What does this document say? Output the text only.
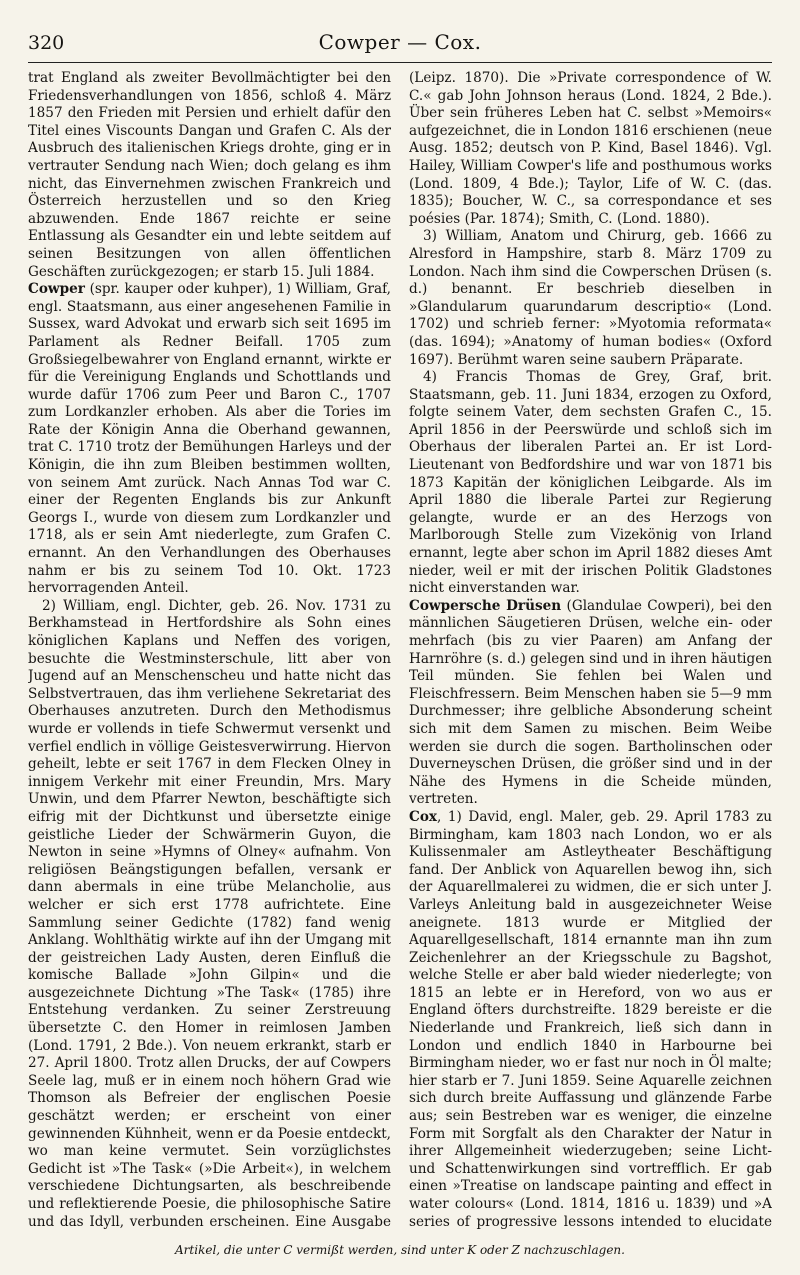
320	Cowper — Cox.

trat England als zweiter Bevollmächtigter bei den Friedensverhandlungen von 1856, schloß 4. März 1857 den Frieden mit Persien und erhielt dafür den Titel eines Viscounts Dangan und Grafen C. Als der Ausbruch des italienischen Kriegs drohte, ging er in vertrauter Sendung nach Wien; doch gelang es ihm nicht, das Einvernehmen zwischen Frankreich und Österreich herzustellen und so den Krieg abzuwenden. Ende 1867 reichte er seine Entlassung als Gesandter ein und lebte seitdem auf seinen Besitzungen von allen öffentlichen Geschäften zurückgezogen; er starb 15. Juli 1884.

Cowper (spr. kauper oder kuhper), 1) William, Graf, engl. Staatsmann, aus einer angesehenen Familie in Sussex, ward Advokat und erwarb sich seit 1695 im Parlament als Redner Beifall. 1705 zum Großsiegelbewahrer von England ernannt, wirkte er für die Vereinigung Englands und Schottlands und wurde dafür 1706 zum Peer und Baron C., 1707 zum Lordkanzler erhoben. Als aber die Tories im Rate der Königin Anna die Oberhand gewannen, trat C. 1710 trotz der Bemühungen Harleys und der Königin, die ihn zum Bleiben bestimmen wollten, von seinem Amt zurück. Nach Annas Tod war C. einer der Regenten Englands bis zur Ankunft Georgs I., wurde von diesem zum Lordkanzler und 1718, als er sein Amt niederlegte, zum Grafen C. ernannt. An den Verhandlungen des Oberhauses nahm er bis zu seinem Tod 10. Okt. 1723 hervorragenden Anteil.

2) William, engl. Dichter, geb. 26. Nov. 1731 zu Berkhamstead in Hertfordshire als Sohn eines königlichen Kaplans und Neffen des vorigen, besuchte die Westminsterschule, litt aber von Jugend auf an Menschenscheu und hatte nicht das Selbstvertrauen, das ihm verliehene Sekretariat des Oberhauses anzutreten. Durch den Methodismus wurde er vollends in tiefe Schwermut versenkt und verfiel endlich in völlige Geistesverwirrung. Hiervon geheilt, lebte er seit 1767 in dem Flecken Olney in innigem Verkehr mit einer Freundin, Mrs. Mary Unwin, und dem Pfarrer Newton, beschäftigte sich eifrig mit der Dichtkunst und übersetzte einige geistliche Lieder der Schwärmerin Guyon, die Newton in seine »Hymns of Olney« aufnahm. Von religiösen Beängstigungen befallen, versank er dann abermals in eine trübe Melancholie, aus welcher er sich erst 1778 aufrichtete. Eine Sammlung seiner Gedichte (1782) fand wenig Anklang. Wohlthätig wirkte auf ihn der Umgang mit der geistreichen Lady Austen, deren Einfluß die komische Ballade »John Gilpin« und die ausgezeichnete Dichtung »The Task« (1785) ihre Entstehung verdanken. Zu seiner Zerstreuung übersetzte C. den Homer in reimlosen Jamben (Lond. 1791, 2 Bde.). Von neuem erkrankt, starb er 27. April 1800. Trotz allen Drucks, der auf Cowpers Seele lag, muß er in einem noch höhern Grad wie Thomson als Befreier der englischen Poesie geschätzt werden; er erscheint von einer gewinnenden Kühnheit, wenn er da Poesie entdeckt, wo man keine vermutet. Sein vorzüglichstes Gedicht ist »The Task« (»Die Arbeit«), in welchem verschiedene Dichtungsarten, als beschreibende und reflektierende Poesie, die philosophische Satire und das Idyll, verbunden erscheinen. Eine Ausgabe

(Leipz. 1870). Die »Private correspondence of W. C.« gab John Johnson heraus (Lond. 1824, 2 Bde.). Über sein früheres Leben hat C. selbst »Memoirs« aufgezeichnet, die in London 1816 erschienen (neue Ausg. 1852; deutsch von P. Kind, Basel 1846). Vgl. Hailey, William Cowper's life and posthumous works (Lond. 1809, 4 Bde.); Taylor, Life of W. C. (das. 1835); Boucher, W. C., sa correspondance et ses poésies (Par. 1874); Smith, C. (Lond. 1880).

3) William, Anatom und Chirurg, geb. 1666 zu Alresford in Hampshire, starb 8. März 1709 zu London. Nach ihm sind die Cowperschen Drüsen (s. d.) benannt. Er beschrieb dieselben in »Glandularum quarundarum descriptio« (Lond. 1702) und schrieb ferner: »Myotomia reformata« (das. 1694); »Anatomy of human bodies« (Oxford 1697). Berühmt waren seine saubern Präparate.

4) Francis Thomas de Grey, Graf, brit. Staatsmann, geb. 11. Juni 1834, erzogen zu Oxford, folgte seinem Vater, dem sechsten Grafen C., 15. April 1856 in der Peerswürde und schloß sich im Oberhaus der liberalen Partei an. Er ist Lord-Lieutenant von Bedfordshire und war von 1871 bis 1873 Kapitän der königlichen Leibgarde. Als im April 1880 die liberale Partei zur Regierung gelangte, wurde er an des Herzogs von Marlborough Stelle zum Vizekönig von Irland ernannt, legte aber schon im April 1882 dieses Amt nieder, weil er mit der irischen Politik Gladstones nicht einverstanden war.

Cowpersche Drüsen (Glandulae Cowperi), bei den männlichen Säugetieren Drüsen, welche ein- oder mehrfach (bis zu vier Paaren) am Anfang der Harnröhre (s. d.) gelegen sind und in ihren häutigen Teil münden. Sie fehlen bei Walen und Fleischfressern. Beim Menschen haben sie 5—9 mm Durchmesser; ihre gelbliche Absonderung scheint sich mit dem Samen zu mischen. Beim Weibe werden sie durch die sogen. Bartholinschen oder Duverneyschen Drüsen, die größer sind und in der Nähe des Hymens in die Scheide münden, vertreten.

Cox, 1) David, engl. Maler, geb. 29. April 1783 zu Birmingham, kam 1803 nach London, wo er als Kulissenmaler am Astleytheater Beschäftigung fand. Der Anblick von Aquarellen bewog ihn, sich der Aquarellmalerei zu widmen, die er sich unter J. Varleys Anleitung bald in ausgezeichneter Weise aneignete. 1813 wurde er Mitglied der Aquarellgesellschaft, 1814 ernannte man ihn zum Zeichenlehrer an der Kriegsschule zu Bagshot, welche Stelle er aber bald wieder niederlegte; von 1815 an lebte er in Hereford, von wo aus er England öfters durchstreifte. 1829 bereiste er die Niederlande und Frankreich, ließ sich dann in London und endlich 1840 in Harbourne bei Birmingham nieder, wo er fast nur noch in Öl malte; hier starb er 7. Juni 1859. Seine Aquarelle zeichnen sich durch breite Auffassung und glänzende Farbe aus; sein Bestreben war es weniger, die einzelne Form mit Sorgfalt als den Charakter der Natur in ihrer Allgemeinheit wiederzugeben; seine Licht- und Schattenwirkungen sind vortrefflich. Er gab einen »Treatise on landscape painting and effect in water colours« (Lond. 1814, 1816 u. 1839) und »A series of progressive lessons intended to elucidate

Artikel, die unter C vermißt werden, sind unter K oder Z nachzuschlagen.
